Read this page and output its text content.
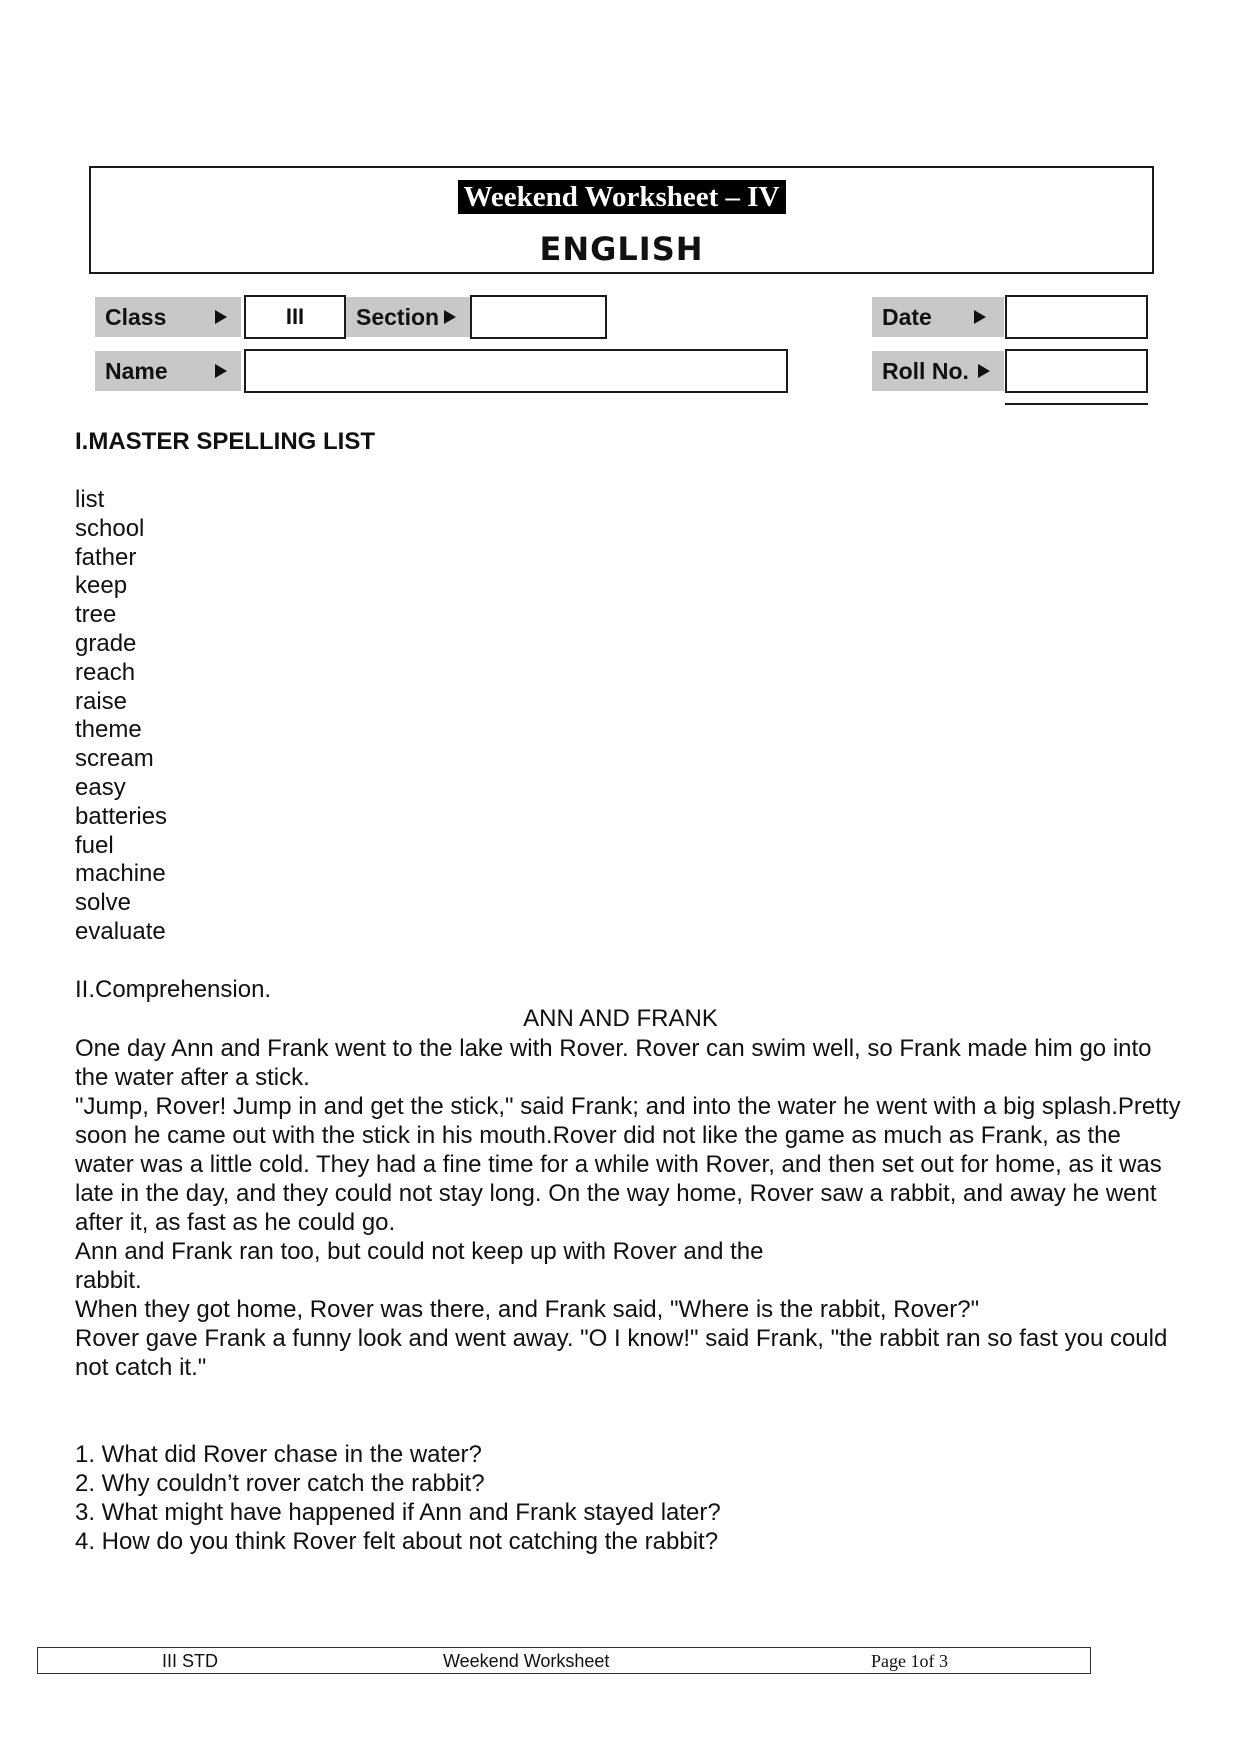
Weekend Worksheet – IV
ENGLISH
Class	III Section	Date
Name	Roll No.
I.MASTER SPELLING LIST
list
school
father
keep
tree
grade
reach
raise
theme
scream
easy
batteries
fuel
machine
solve
evaluate
II.Comprehension.
ANN AND FRANK

One day Ann and Frank went to the lake with Rover. Rover can swim well, so Frank made him go into the water after a stick.

"Jump, Rover! Jump in and get the stick," said Frank; and into the water he went with a big splash.Pretty soon he came out with the stick in his mouth.Rover did not like the game as much as Frank, as the water was a little cold. They had a fine time for a while with Rover, and then set out for home, as it was late in the day, and they could not stay long. On the way home, Rover saw a rabbit, and away he went after it, as fast as he could go.

Ann and Frank ran too, but could not keep up with Rover and the

rabbit.

When they got home, Rover was there, and Frank said, "Where is the rabbit, Rover?"

Rover gave Frank a funny look and went away. "O I know!" said Frank, "the rabbit ran so fast you could not catch it."

1. What did Rover chase in the water?
2. Why couldn’t rover catch the rabbit?
3. What might have happened if Ann and Frank stayed later?
4. How do you think Rover felt about not catching the rabbit?
III STD	Weekend Worksheet	Page 1of 3
